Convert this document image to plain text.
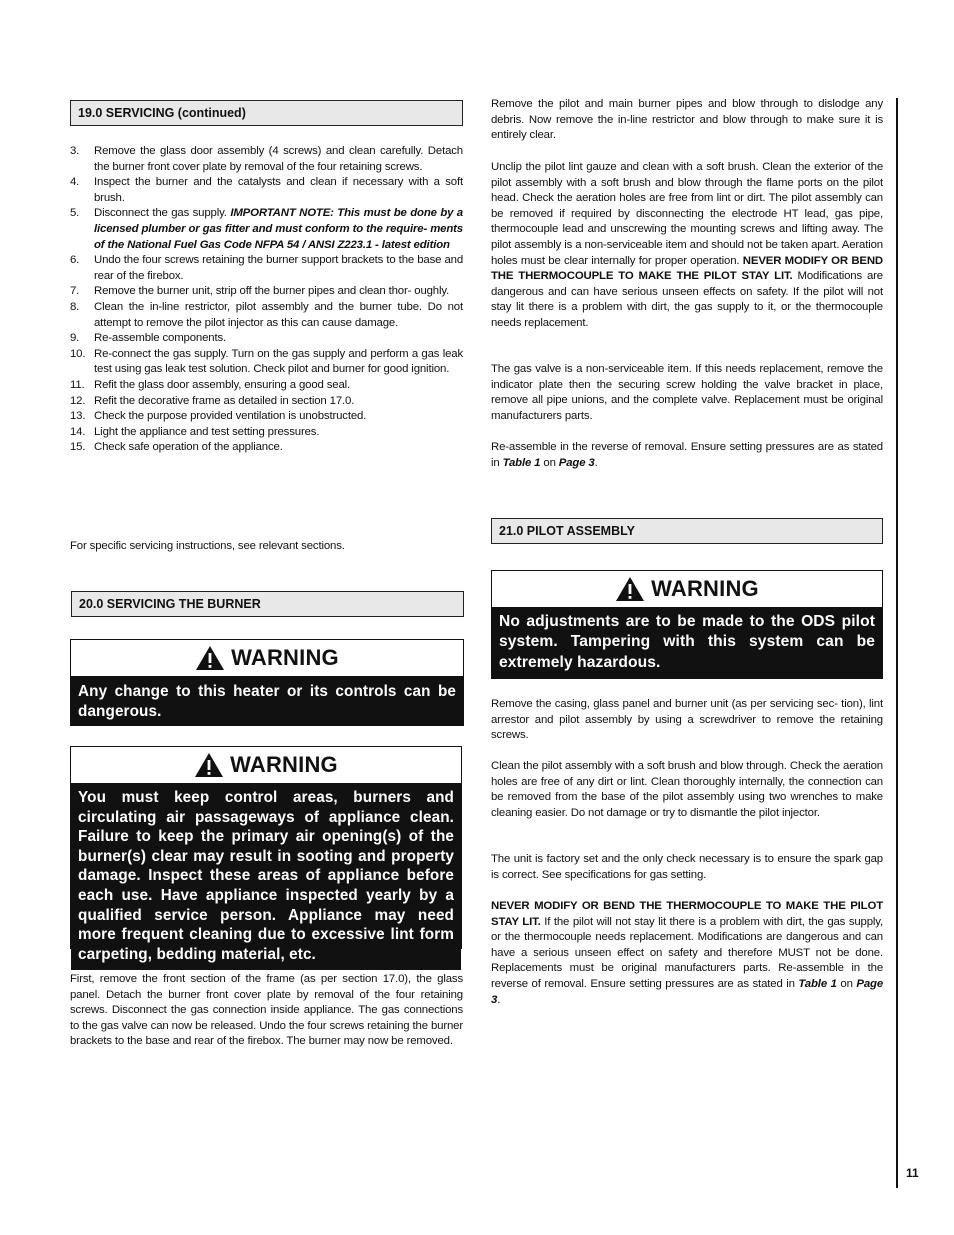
19.0 SERVICING (continued)
3.	Remove the glass door assembly (4 screws) and clean carefully. Detach the burner front cover plate by removal of the four retaining screws.
4.	Inspect the burner and the catalysts and clean if necessary with a soft brush.
5.	Disconnect the gas supply. IMPORTANT NOTE: This must be done by a licensed plumber or gas fitter and must conform to the require- ments of the National Fuel Gas Code NFPA 54 / ANSI Z223.1 - latest edition
6.	Undo the four screws retaining the burner support brackets to the base and rear of the firebox.
7.	Remove the burner unit, strip off the burner pipes and clean thor- oughly.
8.	Clean the in-line restrictor, pilot assembly and the burner tube. Do not attempt to remove the pilot injector as this can cause damage.
9.	Re-assemble components.
10. Re-connect the gas supply. Turn on the gas supply and perform a gas leak test using gas leak test solution. Check pilot and burner for good ignition.
11. Refit the glass door assembly, ensuring a good seal.
12. Refit the decorative frame as detailed in section 17.0.
13. Check the purpose provided ventilation is unobstructed.
14. Light the appliance and test setting pressures.
15. Check safe operation of the appliance.
For specific servicing instructions, see relevant sections.
20.0 SERVICING THE BURNER
WARNING
Any change to this heater or its controls can be dangerous.
WARNING
You must keep control areas, burners and circulating air passageways of appliance clean. Failure to keep the primary air opening(s) of the burner(s) clear may result in sooting and property damage. Inspect these areas of appliance before each use. Have appliance inspected yearly by a qualified service person. Appliance may need more frequent cleaning due to excessive lint form carpeting, bedding material, etc.
First, remove the front section of the frame (as per section 17.0), the glass panel. Detach the burner front cover plate by removal of the four retaining screws. Disconnect the gas connection inside appliance. The gas connections to the gas valve can now be released. Undo the four screws retaining the burner brackets to the base and rear of the firebox. The burner may now be removed.
Remove the pilot and main burner pipes and blow through to dislodge any debris. Now remove the in-line restrictor and blow through to make sure it is entirely clear.
Unclip the pilot lint gauze and clean with a soft brush. Clean the exterior of the pilot assembly with a soft brush and blow through the flame ports on the pilot head. Check the aeration holes are free from lint or dirt. The pilot assembly can be removed if required by disconnecting the electrode HT lead, gas pipe, thermocouple lead and unscrewing the mounting screws and lifting away. The pilot assembly is a non-serviceable item and should not be taken apart. Aeration holes must be clear internally for proper operation. NEVER MODIFY OR BEND THE THERMOCOUPLE TO MAKE THE PILOT STAY LIT. Modifications are dangerous and can have serious unseen effects on safety. If the pilot will not stay lit there is a problem with dirt, the gas supply to it, or the thermocouple needs replacement.
The gas valve is a non-serviceable item. If this needs replacement, remove the indicator plate then the securing screw holding the valve bracket in place, remove all pipe unions, and the complete valve. Replacement must be original manufacturers parts.
Re-assemble in the reverse of removal. Ensure setting pressures are as stated in Table 1 on Page 3.
21.0 PILOT ASSEMBLY
WARNING
No adjustments are to be made to the ODS pilot system. Tampering with this system can be extremely hazardous.
Remove the casing, glass panel and burner unit (as per servicing sec- tion), lint arrestor and pilot assembly by using a screwdriver to remove the retaining screws.
Clean the pilot assembly with a soft brush and blow through. Check the aeration holes are free of any dirt or lint. Clean thoroughly internally, the connection can be removed from the base of the pilot assembly using two wrenches to make cleaning easier. Do not damage or try to dismantle the pilot injector.
The unit is factory set and the only check necessary is to ensure the spark gap is correct. See specifications for gas setting.
NEVER MODIFY OR BEND THE THERMOCOUPLE TO MAKE THE PILOT STAY LIT. If the pilot will not stay lit there is a problem with dirt, the gas supply, or the thermocouple needs replacement. Modifications are dangerous and can have a serious unseen effect on safety and therefore MUST not be done. Replacements must be original manufacturers parts. Re-assemble in the reverse of removal. Ensure setting pressures are as stated in Table 1 on Page 3.
11
